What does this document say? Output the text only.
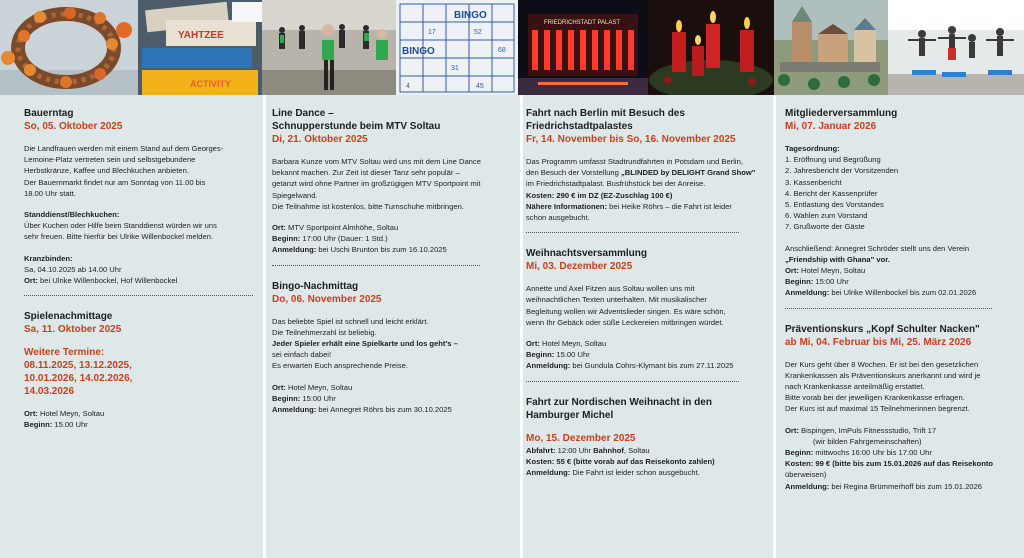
YAHTZEE
ACTIVITY
BINGO
BINGO
17	52
68
31
4	45
FRIEDRICHSTADT PALAST

Bauerntag

So, 05. Oktober 2025

Die Landfrauen werden mit einem Stand auf dem Georges-

Lemoine-Platz vertreten sein und selbstgebundene

Herbstkränze, Kaffee und Blechkuchen anbieten.

Der Bauernmarkt findet nur am Sonntag von 11.00 bis

18.00 Uhr statt.

Standdienst/Blechkuchen:

Über Kuchen oder Hilfe beim Standdienst würden wir uns

sehr freuen. Bitte hierfür bei Ulrike Willenbockel melden.

Kranzbinden:

Sa, 04.10.2025 ab 14.00 Uhr

Ort: bei Ulrike Willenbockel, Hof Willenbockel

Spielenachmittage

Sa, 11. Oktober 2025

Weitere Termine:

08.11.2025, 13.12.2025,

10.01.2026, 14.02.2026,

14.03.2026

Ort: Hotel Meyn, Soltau

Beginn: 15.00 Uhr

Line Dance –

Schnupperstunde beim MTV Soltau

Di, 21. Oktober 2025

Barbara Kunze vom MTV Soltau wird uns mit dem Line Dance

bekannt machen. Zur Zeit ist dieser Tanz sehr populär –

getanzt wird ohne Partner im großzügigen MTV Sportpoint mit

Spiegelwand.

Die Teilnahme ist kostenlos, bitte Turnschuhe mitbringen.

Ort: MTV Sportpoint Almhöhe, Soltau

Beginn: 17:00 Uhr (Dauer: 1 Std.)

Anmeldung: bei Uschi Brunton bis zum 16.10.2025

Bingo-Nachmittag

Do, 06. November 2025

Das beliebte Spiel ist schnell und leicht erklärt.

Die Teilnehmerzahl ist beliebig.

Jeder Spieler erhält eine Spielkarte und los geht's –

sei einfach dabei!

Es erwarten Euch ansprechende Preise.

Ort: Hotel Meyn, Soltau

Beginn: 15:00 Uhr

Anmeldung: bei Annegret Röhrs bis zum 30.10.2025

Fahrt nach Berlin mit Besuch des

Friedrichstadtpalastes

Fr, 14. November bis So, 16. November 2025

Das Programm umfasst Stadtrundfahrten in Potsdam und Berlin,

den Besuch der Vorstellung „BLINDED by DELIGHT Grand Show"

im Friedrichstadtpalast. Busfrühstück bei der Anreise.

Kosten: 290 € im DZ (EZ-Zuschlag 100 €)

Nähere Informationen: bei Heike Röhrs – die Fahrt ist leider

schon ausgebucht.

Weihnachtsversammlung

Mi, 03. Dezember 2025

Annette und Axel Fitzen aus Soltau wollen uns mit

weihnachtlichen Texten unterhalten. Mit musikalischer

Begleitung wollen wir Adventslieder singen. Es wäre schön,

wenn Ihr Gebäck oder süße Leckereien mitbringen würdet.

Ort: Hotel Meyn, Soltau

Beginn: 15.00 Uhr

Anmeldung: bei Gundula Cohrs-Klymant bis zum 27.11.2025

Fahrt zur Nordischen Weihnacht in den

Hamburger Michel

Mo, 15. Dezember 2025

Abfahrt: 12:00 Uhr Bahnhof, Soltau

Kosten: 55 € (bitte vorab auf das Reisekonto zahlen)

Anmeldung: Die Fahrt ist leider schon ausgebucht.

Mitgliederversammlung

Mi, 07. Januar 2026

Tagesordnung:

1. Eröffnung und Begrüßung

2. Jahresbericht der Vorsitzenden

3. Kassenbericht

4. Bericht der Kassenprüfer

5. Entlastung des Vorstandes

6. Wahlen zum Vorstand

7. Grußworte der Gäste

Anschließend: Annegret Schröder stellt uns den Verein

„Friendship with Ghana" vor.

Ort: Hotel Meyn, Soltau

Beginn: 15:00 Uhr

Anmeldung: bei Ulrike Willenbockel bis zum 02.01.2026

Präventionskurs „Kopf Schulter Nacken"

ab Mi, 04. Februar bis Mi, 25. März 2026

Der Kurs geht über 8 Wochen. Er ist bei den gesetzlichen

Krankenkassen als Präventionskurs anerkannt und wird je

nach Krankenkasse anteilmäßig erstattet.

Bitte vorab bei der jeweiligen Krankenkasse erfragen.

Der Kurs ist auf maximal 15 Teilnehmerinnen begrenzt.

Ort: Bispingen, ImPuls Fitnessstudio, Trift 17

(wir bilden Fahrgemeinschaften)

Beginn: mittwochs 16:00 Uhr bis 17:00 Uhr

Kosten: 99 € (bitte bis zum 15.01.2026 auf das Reisekonto

überweisen)

Anmeldung: bei Regina Brümmerhoff bis zum 15.01.2026
